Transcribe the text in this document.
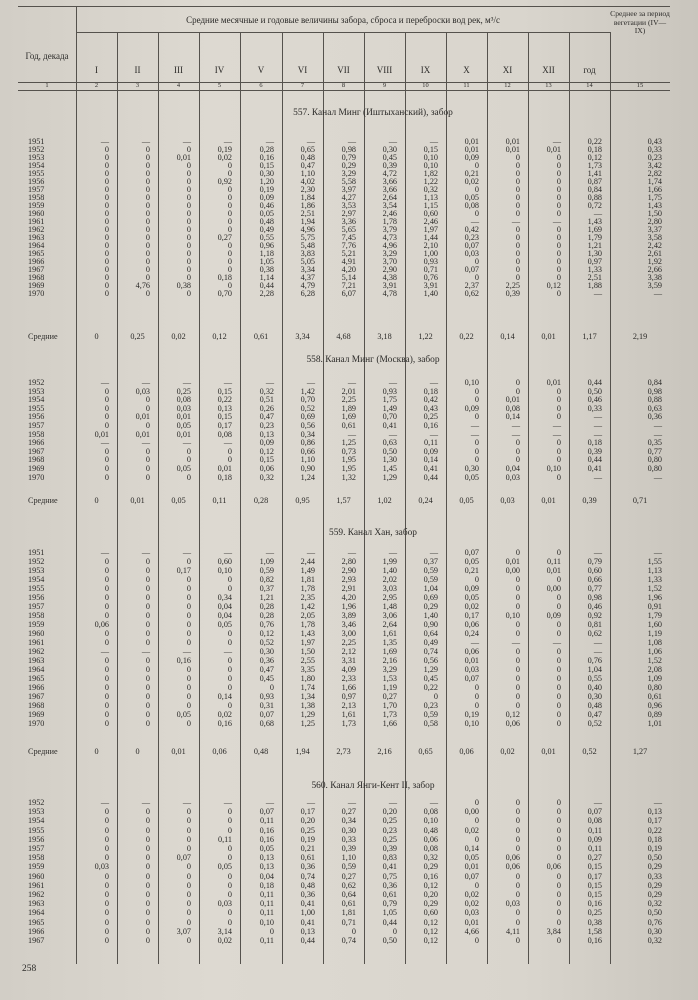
Год, декада
Средние месячные и годовые величины забора, сброса и переброски вод рек, м³/с
Среднее за период вегетации (IV—IX)
I	II	III	IV	V	VI	VII	VIII	IX	X	XI	XII	год
1	2	3	4	5	6	7	8	9	10	11	12	13	14	15
557. Канал Минг (Иштыханский), забор
1951	—	—	—	—	—	—	—	—	—	0,01	0,01	—	0,22	0,43
1952	0	0	0	0,19	0,28	0,65	0,98	0,30	0,15	0,01	0,01	0,01	0,18	0,33
1953	0	0	0,01	0,02	0,16	0,48	0,79	0,45	0,10	0,09	0	0	0,12	0,23
1954	0	0	0	0	0,15	0,47	0,29	0,39	0,10	0	0	0	1,73	3,42
1955	0	0	0	0	0,30	1,10	3,29	4,72	1,82	0,21	0	0	1,41	2,82
1956	0	0	0	0,92	1,20	4,02	5,58	3,66	1,22	0,02	0	0	0,87	1,74
1957	0	0	0	0	0,19	2,30	3,97	3,66	0,32	0	0	0	0,84	1,66
1958	0	0	0	0	0,09	1,84	4,27	2,64	1,13	0,05	0	0	0,88	1,75
1959	0	0	0	0	0,46	1,86	3,53	3,54	1,15	0,08	0	0	0,72	1,43
1960	0	0	0	0	0,05	2,51	2,97	2,46	0,60	0	0	0	—	1,50
1961	0	0	0	0	0,48	1,94	3,36	1,78	2,46	—	—	—	1,43	2,80
1962	0	0	0	0	0,49	4,96	5,65	3,79	1,97	0,42	0	0	1,69	3,37
1963	0	0	0	0,27	0,55	5,75	7,45	4,73	1,44	0,23	0	0	1,79	3,58
1964	0	0	0	0	0,96	5,48	7,76	4,96	2,10	0,07	0	0	1,21	2,42
1965	0	0	0	0	1,18	3,83	5,21	3,29	1,00	0,03	0	0	1,30	2,61
1966	0	0	0	0	1,05	5,05	4,91	3,70	0,93	0	0	0	0,97	1,92
1967	0	0	0	0	0,38	3,34	4,20	2,90	0,71	0,07	0	0	1,33	2,66
1968	0	0	0	0,18	1,14	4,37	5,14	4,38	0,76	0	0	0	2,51	3,38
1969	0	4,76	0,38	0	0,44	4,79	7,21	3,91	3,91	2,37	2,25	0,12	1,88	3,59
1970	0	0	0	0,70	2,28	6,28	6,07	4,78	1,40	0,62	0,39	0	—	—
Средние	0	0,25	0,02	0,12	0,61	3,34	4,68	3,18	1,22	0,22	0,14	0,01	1,17	2,19
558. Канал Минг (Москва), забор
1952	—	—	—	—	—	—	—	—	—	0,10	0	0,01	0,44	0,84
1953	0	0,03	0,25	0,15	0,32	1,42	2,01	0,93	0,18	0	0	0	0,50	0,98
1954	0	0	0,08	0,22	0,51	0,70	2,25	1,75	0,42	0	0,01	0	0,46	0,88
1955	0	0	0,03	0,13	0,26	0,52	1,89	1,49	0,43	0,09	0,08	0	0,33	0,63
1956	0	0,01	0,01	0,15	0,47	0,69	1,69	0,70	0,25	0	0,14	0	—	0,36
1957	0	0	0,05	0,17	0,23	0,56	0,61	0,41	0,16	—	—	—	—	—
1958	0,01	0,01	0,01	0,08	0,13	0,34	—	—	—	—	—	—	—	—
1966	—	—	—	—	0,09	0,86	1,25	0,63	0,11	0	0	0	0,18	0,35
1967	0	0	0	0	0,12	0,66	0,73	0,50	0,09	0	0	0	0,39	0,77
1968	0	0	0	0	0,15	1,10	1,95	1,30	0,14	0	0	0	0,44	0,80
1969	0	0	0,05	0,01	0,06	0,90	1,95	1,45	0,41	0,30	0,04	0,10	0,41	0,80
1970	0	0	0	0,18	0,32	1,24	1,32	1,29	0,44	0,05	0,03	0	—	—
Средние	0	0,01	0,05	0,11	0,28	0,95	1,57	1,02	0,24	0,05	0,03	0,01	0,39	0,71
559. Канал Хан, забор
1951	—	—	—	—	—	—	—	—	—	0,07	0	0	—	—
1952	0	0	0	0,60	1,09	2,44	2,80	1,99	0,37	0,05	0,01	0,11	0,79	1,55
1953	0	0	0,17	0,10	0,59	1,49	2,90	1,40	0,59	0,21	0,00	0,01	0,60	1,13
1954	0	0	0	0	0,82	1,81	2,93	2,02	0,59	0	0	0	0,66	1,33
1955	0	0	0	0	0,37	1,78	2,91	3,03	1,04	0,09	0	0,00	0,77	1,52
1956	0	0	0	0,34	1,21	2,35	4,20	2,95	0,69	0,05	0	0	0,98	1,96
1957	0	0	0	0,04	0,28	1,42	1,96	1,48	0,29	0,02	0	0	0,46	0,91
1958	0	0	0	0,04	0,28	2,05	3,89	3,06	1,40	0,17	0,10	0,09	0,92	1,79
1959	0,06	0	0	0,05	0,76	1,78	3,46	2,64	0,90	0,06	0	0	0,81	1,60
1960	0	0	0	0	0,12	1,43	3,00	1,61	0,64	0,24	0	0	0,62	1,19
1961	0	0	0	0	0,52	1,97	2,25	1,35	0,49	—	—	—	—	1,08
1962	—	—	—	—	0,30	1,50	2,12	1,69	0,74	0,06	0	0	—	1,06
1963	0	0	0,16	0	0,36	2,55	3,31	2,16	0,56	0,01	0	0	0,76	1,52
1964	0	0	0	0	0,47	3,35	4,09	3,29	1,29	0,03	0	0	1,04	2,08
1965	0	0	0	0	0,45	1,80	2,33	1,53	0,45	0,07	0	0	0,55	1,09
1966	0	0	0	0	0	1,74	1,66	1,19	0,22	0	0	0	0,40	0,80
1967	0	0	0	0,14	0,93	1,34	0,97	0,27	0	0	0	0	0,30	0,61
1968	0	0	0	0	0,31	1,38	2,13	1,70	0,23	0	0	0	0,48	0,96
1969	0	0	0,05	0,02	0,07	1,29	1,61	1,73	0,59	0,19	0,12	0	0,47	0,89
1970	0	0	0	0,16	0,68	1,25	1,73	1,66	0,58	0,10	0,06	0	0,52	1,01
Средние	0	0	0,01	0,06	0,48	1,94	2,73	2,16	0,65	0,06	0,02	0,01	0,52	1,27
560. Канал Янги-Кент II, забор
1952	—	—	—	—	—	—	—	—	—	0	0	0	—	—
1953	0	0	0	0	0,07	0,17	0,27	0,20	0,08	0,00	0	0	0,07	0,13
1954	0	0	0	0	0,11	0,20	0,34	0,25	0,10	0	0	0	0,08	0,17
1955	0	0	0	0	0,16	0,25	0,30	0,23	0,48	0,02	0	0	0,11	0,22
1956	0	0	0	0,11	0,16	0,19	0,33	0,25	0,06	0	0	0	0,09	0,18
1957	0	0	0	0	0,05	0,21	0,39	0,39	0,08	0,14	0	0	0,11	0,19
1958	0	0	0,07	0	0,13	0,61	1,10	0,83	0,32	0,05	0,06	0	0,27	0,50
1959	0,03	0	0	0,05	0,13	0,36	0,59	0,41	0,29	0,01	0,06	0,06	0,15	0,29
1960	0	0	0	0	0,04	0,74	0,27	0,75	0,16	0,07	0	0	0,17	0,33
1961	0	0	0	0	0,18	0,48	0,62	0,36	0,12	0	0	0	0,15	0,29
1962	0	0	0	0	0,11	0,36	0,64	0,61	0,20	0,02	0	0	0,15	0,29
1963	0	0	0	0,03	0,11	0,41	0,61	0,79	0,29	0,02	0,03	0	0,16	0,32
1964	0	0	0	0	0,11	1,00	1,81	1,05	0,60	0,03	0	0	0,25	0,50
1965	0	0	0	0	0,10	0,41	0,71	0,44	0,12	0,01	0	0	0,38	0,76
1966	0	0	3,07	3,14	0	0,13	0	0	0,12	4,66	4,11	3,84	1,58	0,30
1967	0	0	0	0,02	0,11	0,44	0,74	0,50	0,12	0	0	0	0,16	0,32
258
